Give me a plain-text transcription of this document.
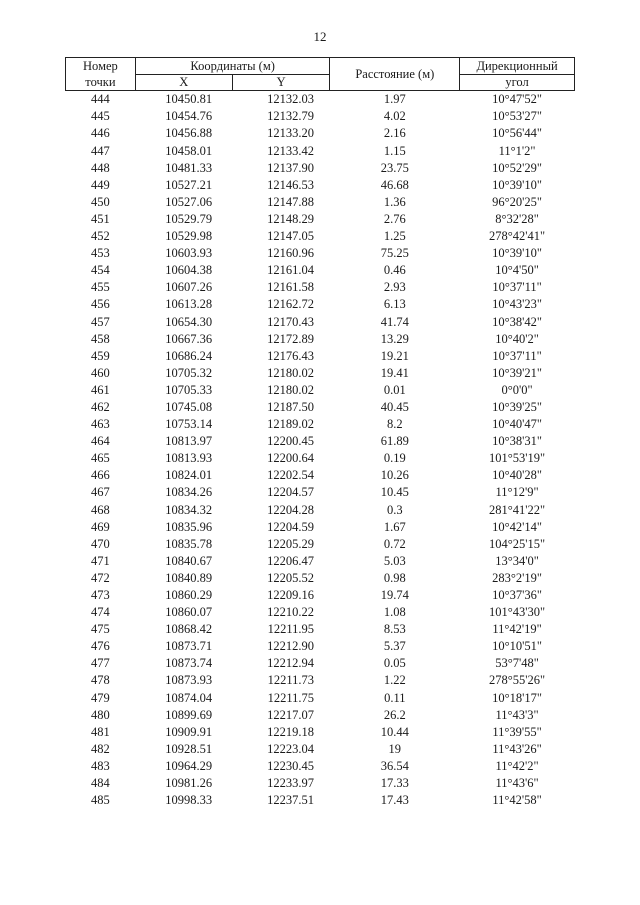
12
Номер	Координаты (м)		Расстояние (м)	Дирекционный
точки	X	Y		угол
444	10450.81	12132.03	1.97	10°47'52"
445	10454.76	12132.79	4.02	10°53'27"
446	10456.88	12133.20	2.16	10°56'44"
447	10458.01	12133.42	1.15	11°1'2"
448	10481.33	12137.90	23.75	10°52'29"
449	10527.21	12146.53	46.68	10°39'10"
450	10527.06	12147.88	1.36	96°20'25"
451	10529.79	12148.29	2.76	8°32'28"
452	10529.98	12147.05	1.25	278°42'41"
453	10603.93	12160.96	75.25	10°39'10"
454	10604.38	12161.04	0.46	10°4'50"
455	10607.26	12161.58	2.93	10°37'11"
456	10613.28	12162.72	6.13	10°43'23"
457	10654.30	12170.43	41.74	10°38'42"
458	10667.36	12172.89	13.29	10°40'2"
459	10686.24	12176.43	19.21	10°37'11"
460	10705.32	12180.02	19.41	10°39'21"
461	10705.33	12180.02	0.01	0°0'0"
462	10745.08	12187.50	40.45	10°39'25"
463	10753.14	12189.02	8.2	10°40'47"
464	10813.97	12200.45	61.89	10°38'31"
465	10813.93	12200.64	0.19	101°53'19"
466	10824.01	12202.54	10.26	10°40'28"
467	10834.26	12204.57	10.45	11°12'9"
468	10834.32	12204.28	0.3	281°41'22"
469	10835.96	12204.59	1.67	10°42'14"
470	10835.78	12205.29	0.72	104°25'15"
471	10840.67	12206.47	5.03	13°34'0"
472	10840.89	12205.52	0.98	283°2'19"
473	10860.29	12209.16	19.74	10°37'36"
474	10860.07	12210.22	1.08	101°43'30"
475	10868.42	12211.95	8.53	11°42'19"
476	10873.71	12212.90	5.37	10°10'51"
477	10873.74	12212.94	0.05	53°7'48"
478	10873.93	12211.73	1.22	278°55'26"
479	10874.04	12211.75	0.11	10°18'17"
480	10899.69	12217.07	26.2	11°43'3"
481	10909.91	12219.18	10.44	11°39'55"
482	10928.51	12223.04	19	11°43'26"
483	10964.29	12230.45	36.54	11°42'2"
484	10981.26	12233.97	17.33	11°43'6"
485	10998.33	12237.51	17.43	11°42'58"
